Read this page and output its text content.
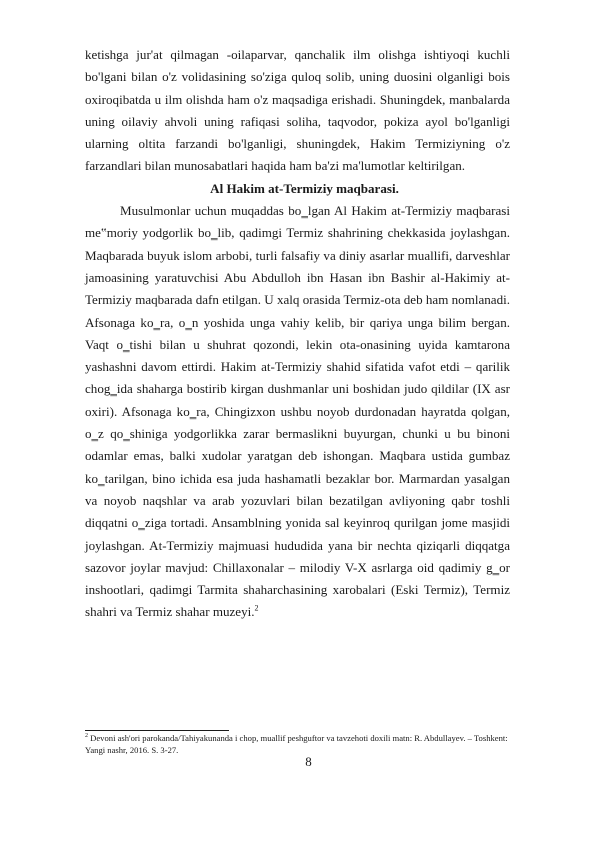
ketishga jur'at qilmagan -oilaparvar, qanchalik ilm olishga ishtiyoqi kuchli bo'lgani bilan o'z volidasining so'ziga quloq solib, uning duosini olganligi bois oxiroqibatda u ilm olishda ham o'z maqsadiga erishadi. Shuningdek, manbalarda uning oilaviy ahvoli uning rafiqasi soliha, taqvodor, pokiza ayol bo'lganligi ularning oltita farzandi bo'lganligi, shuningdek, Hakim Termiziyning o'z farzandlari bilan munosabatlari haqida ham ba'zi ma'lumotlar keltirilgan.

Al Hakim at-Termiziy maqbarasi.

Musulmonlar uchun muqaddas bo‗lgan Al Hakim at-Termiziy maqbarasi me‟moriy yodgorlik bo‗lib, qadimgi Termiz shahrining chekkasida joylashgan. Maqbarada buyuk islom arbobi, turli falsafiy va diniy asarlar muallifi, darveshlar jamoasining yaratuvchisi Abu Abdulloh ibn Hasan ibn Bashir al-Hakimiy at-Termiziy maqbarada dafn etilgan. U xalq orasida Termiz-ota deb ham nomlanadi. Afsonaga ko‗ra, o‗n yoshida unga vahiy kelib, bir qariya unga bilim bergan. Vaqt o‗tishi bilan u shuhrat qozondi, lekin ota-onasining uyida kamtarona yashashni davom ettirdi. Hakim at-Termiziy shahid sifatida vafot etdi – qarilik chog‗ida shaharga bostirib kirgan dushmanlar uni boshidan judo qildilar (IX asr oxiri). Afsonaga ko‗ra, Chingizxon ushbu noyob durdonadan hayratda qolgan, o‗z qo‗shiniga yodgorlikka zarar bermaslikni buyurgan, chunki u bu binoni odamlar emas, balki xudolar yaratgan deb ishongan. Maqbara ustida gumbaz ko‗tarilgan, bino ichida esa juda hashamatli bezaklar bor. Marmardan yasalgan va noyob naqshlar va arab yozuvlari bilan bezatilgan avliyoning qabr toshli diqqatni o‗ziga tortadi. Ansamblning yonida sal keyinroq qurilgan jome masjidi joylashgan. At-Termiziy majmuasi hududida yana bir nechta qiziqarli diqqatga sazovor joylar mavjud: Chillaxonalar – milodiy V-X asrlarga oid qadimiy g‗or inshootlari, qadimgi Tarmita shaharchasining xarobalari (Eski Termiz), Termiz shahri va Termiz shahar muzeyi.$^2$

$^2$ Devoni ash'ori parokanda/Tahiyakunanda i chop, muallif peshguftor va tavzehoti doxili matn: R. Abdullayev. – Toshkent: Yangi nashr, 2016. S. 3-27.

8
